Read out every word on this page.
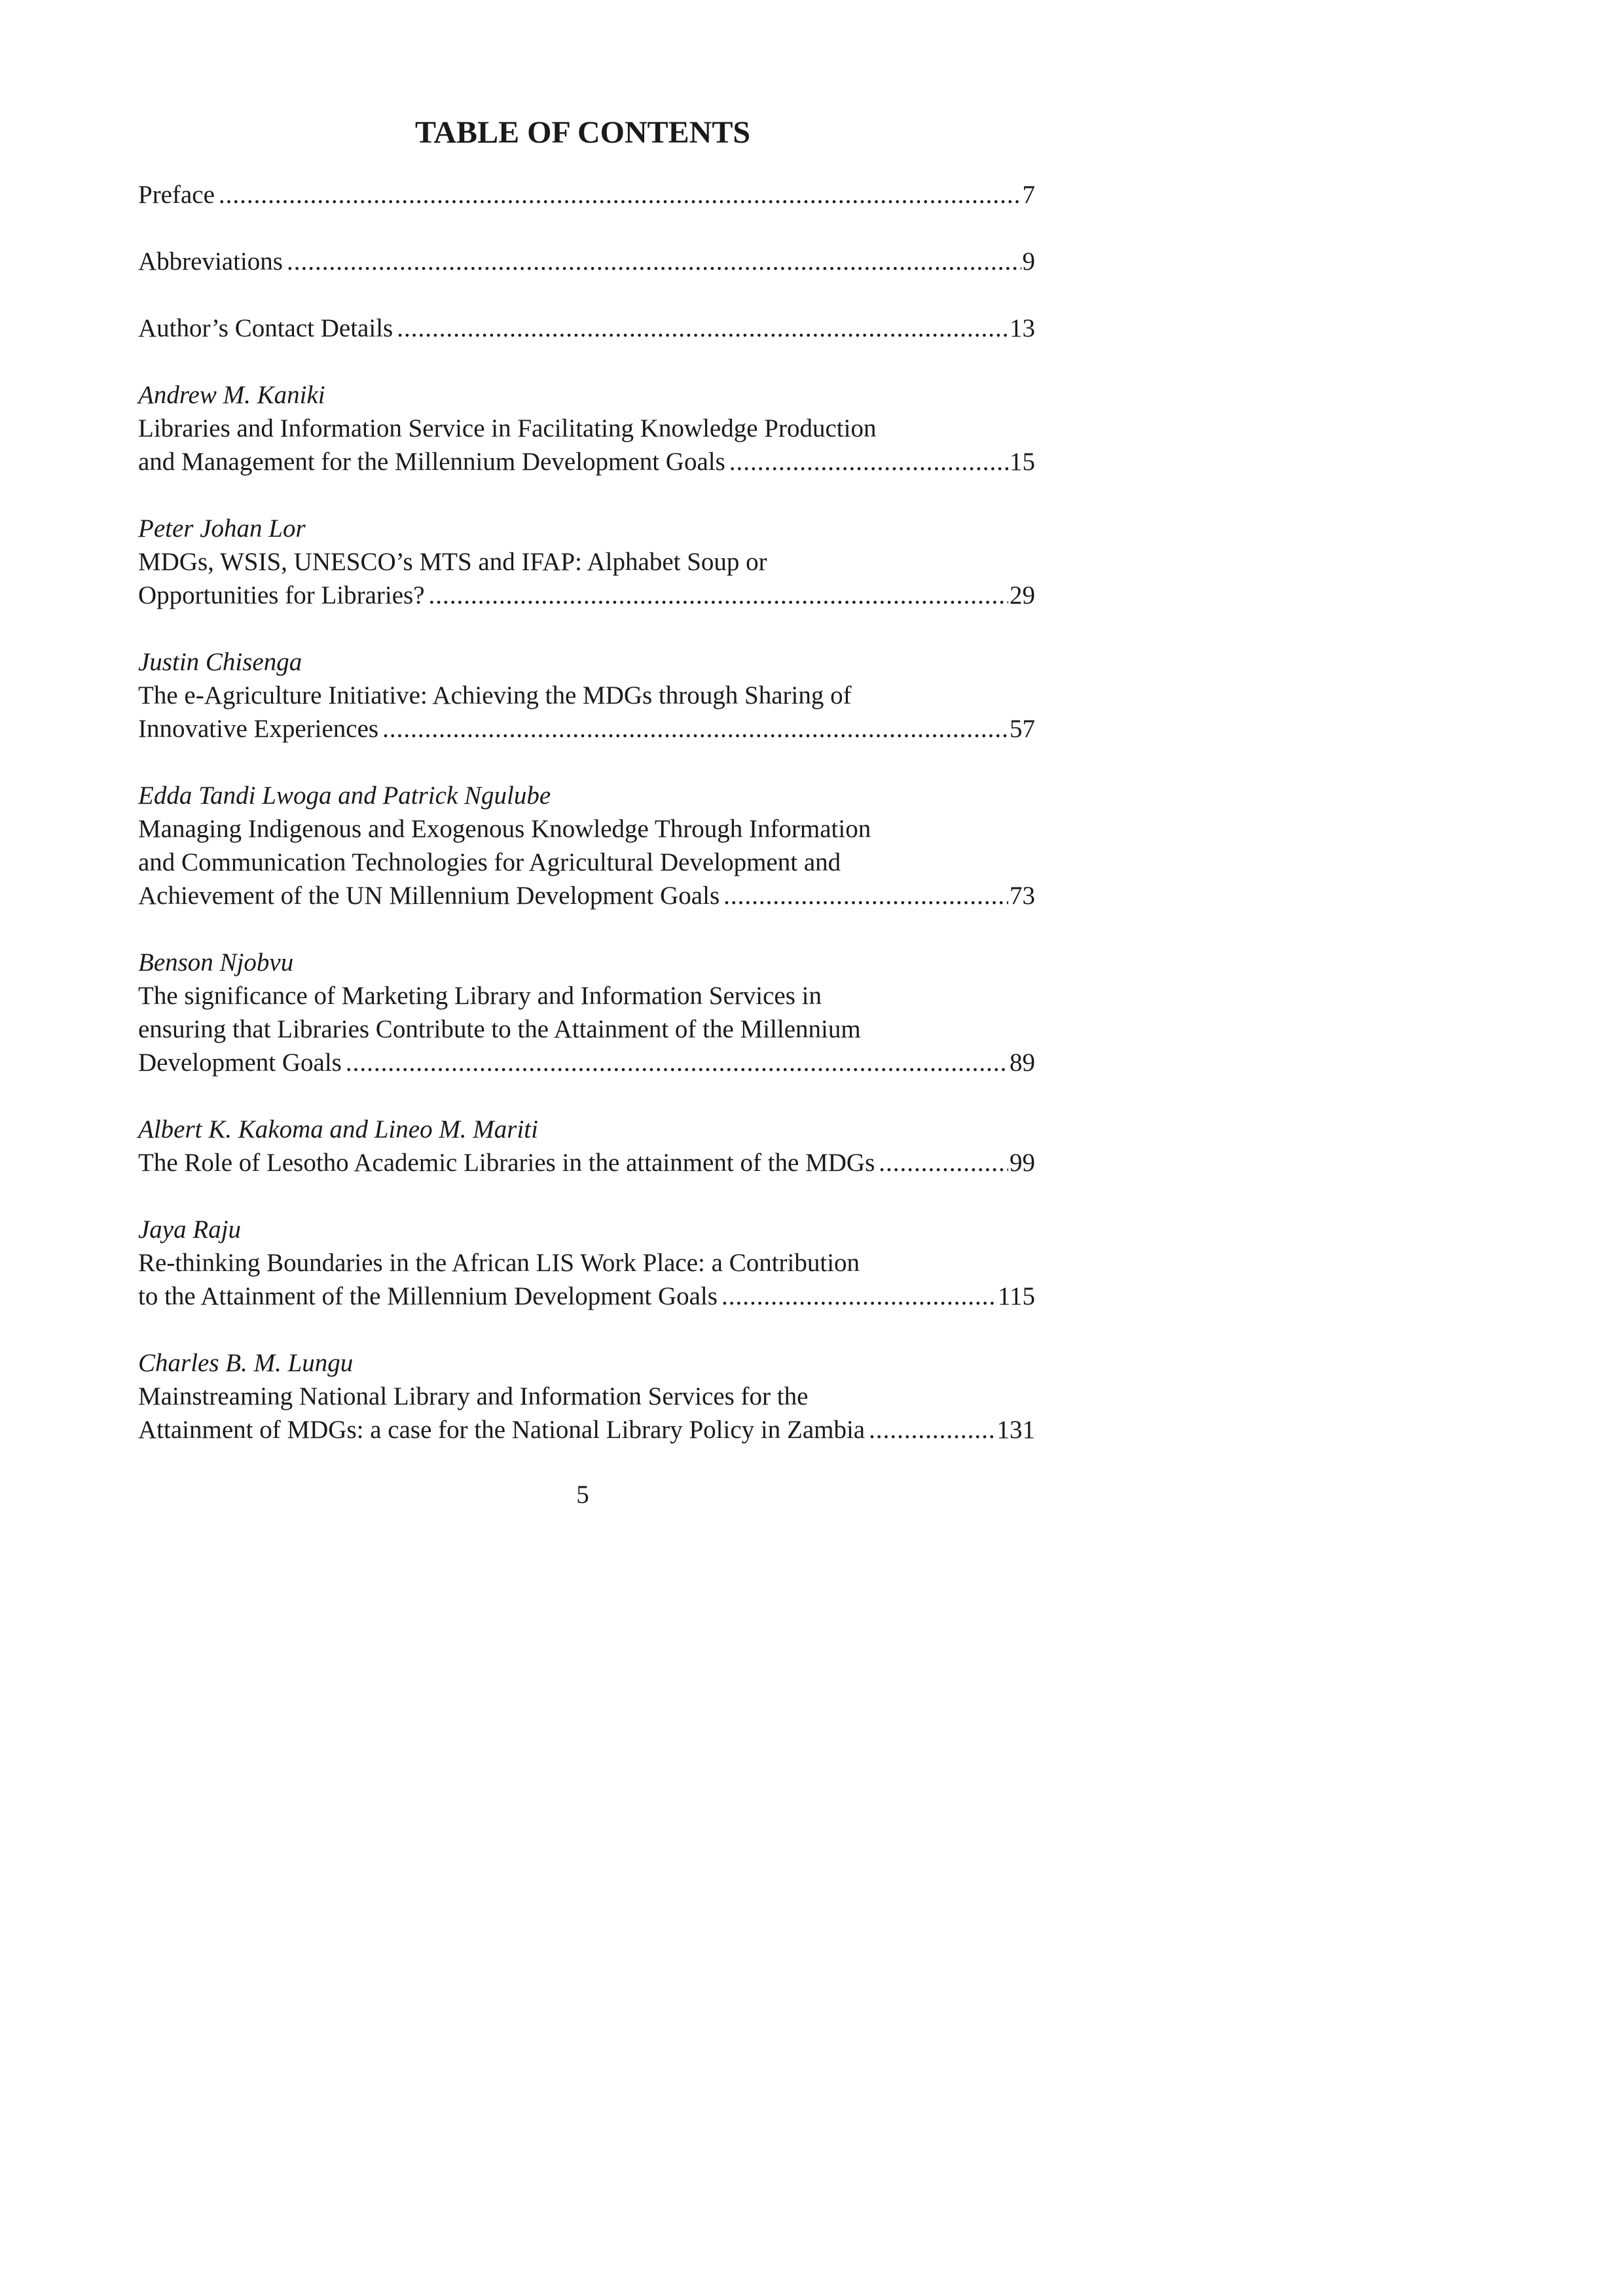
TABLE OF CONTENTS
Preface .....	7
Abbreviations .....	9
Author’s Contact Details .....	13
Andrew M. Kaniki
Libraries and Information Service in Facilitating Knowledge Production
and Management for the Millennium Development Goals .....	15
Peter Johan Lor
MDGs, WSIS, UNESCO’s MTS and IFAP: Alphabet Soup or
Opportunities for Libraries? .....	29
Justin Chisenga
The e-Agriculture Initiative: Achieving the MDGs through Sharing of
Innovative Experiences .....	57
Edda Tandi Lwoga and Patrick Ngulube
Managing Indigenous and Exogenous Knowledge Through Information
and Communication Technologies for Agricultural Development and
Achievement of the UN Millennium Development Goals .....	73
Benson Njobvu
The significance of Marketing Library and Information Services in
ensuring that Libraries Contribute to the Attainment of the Millennium
Development Goals .....	89
Albert K. Kakoma and Lineo M. Mariti
The Role of Lesotho Academic Libraries in the attainment of the MDGs .....	99
Jaya Raju
Re-thinking Boundaries in the African LIS Work Place: a Contribution
to the Attainment of the Millennium Development Goals .....	115
Charles B. M. Lungu
Mainstreaming National Library and Information Services for the
Attainment of MDGs: a case for the National Library Policy in Zambia .....	131
5
